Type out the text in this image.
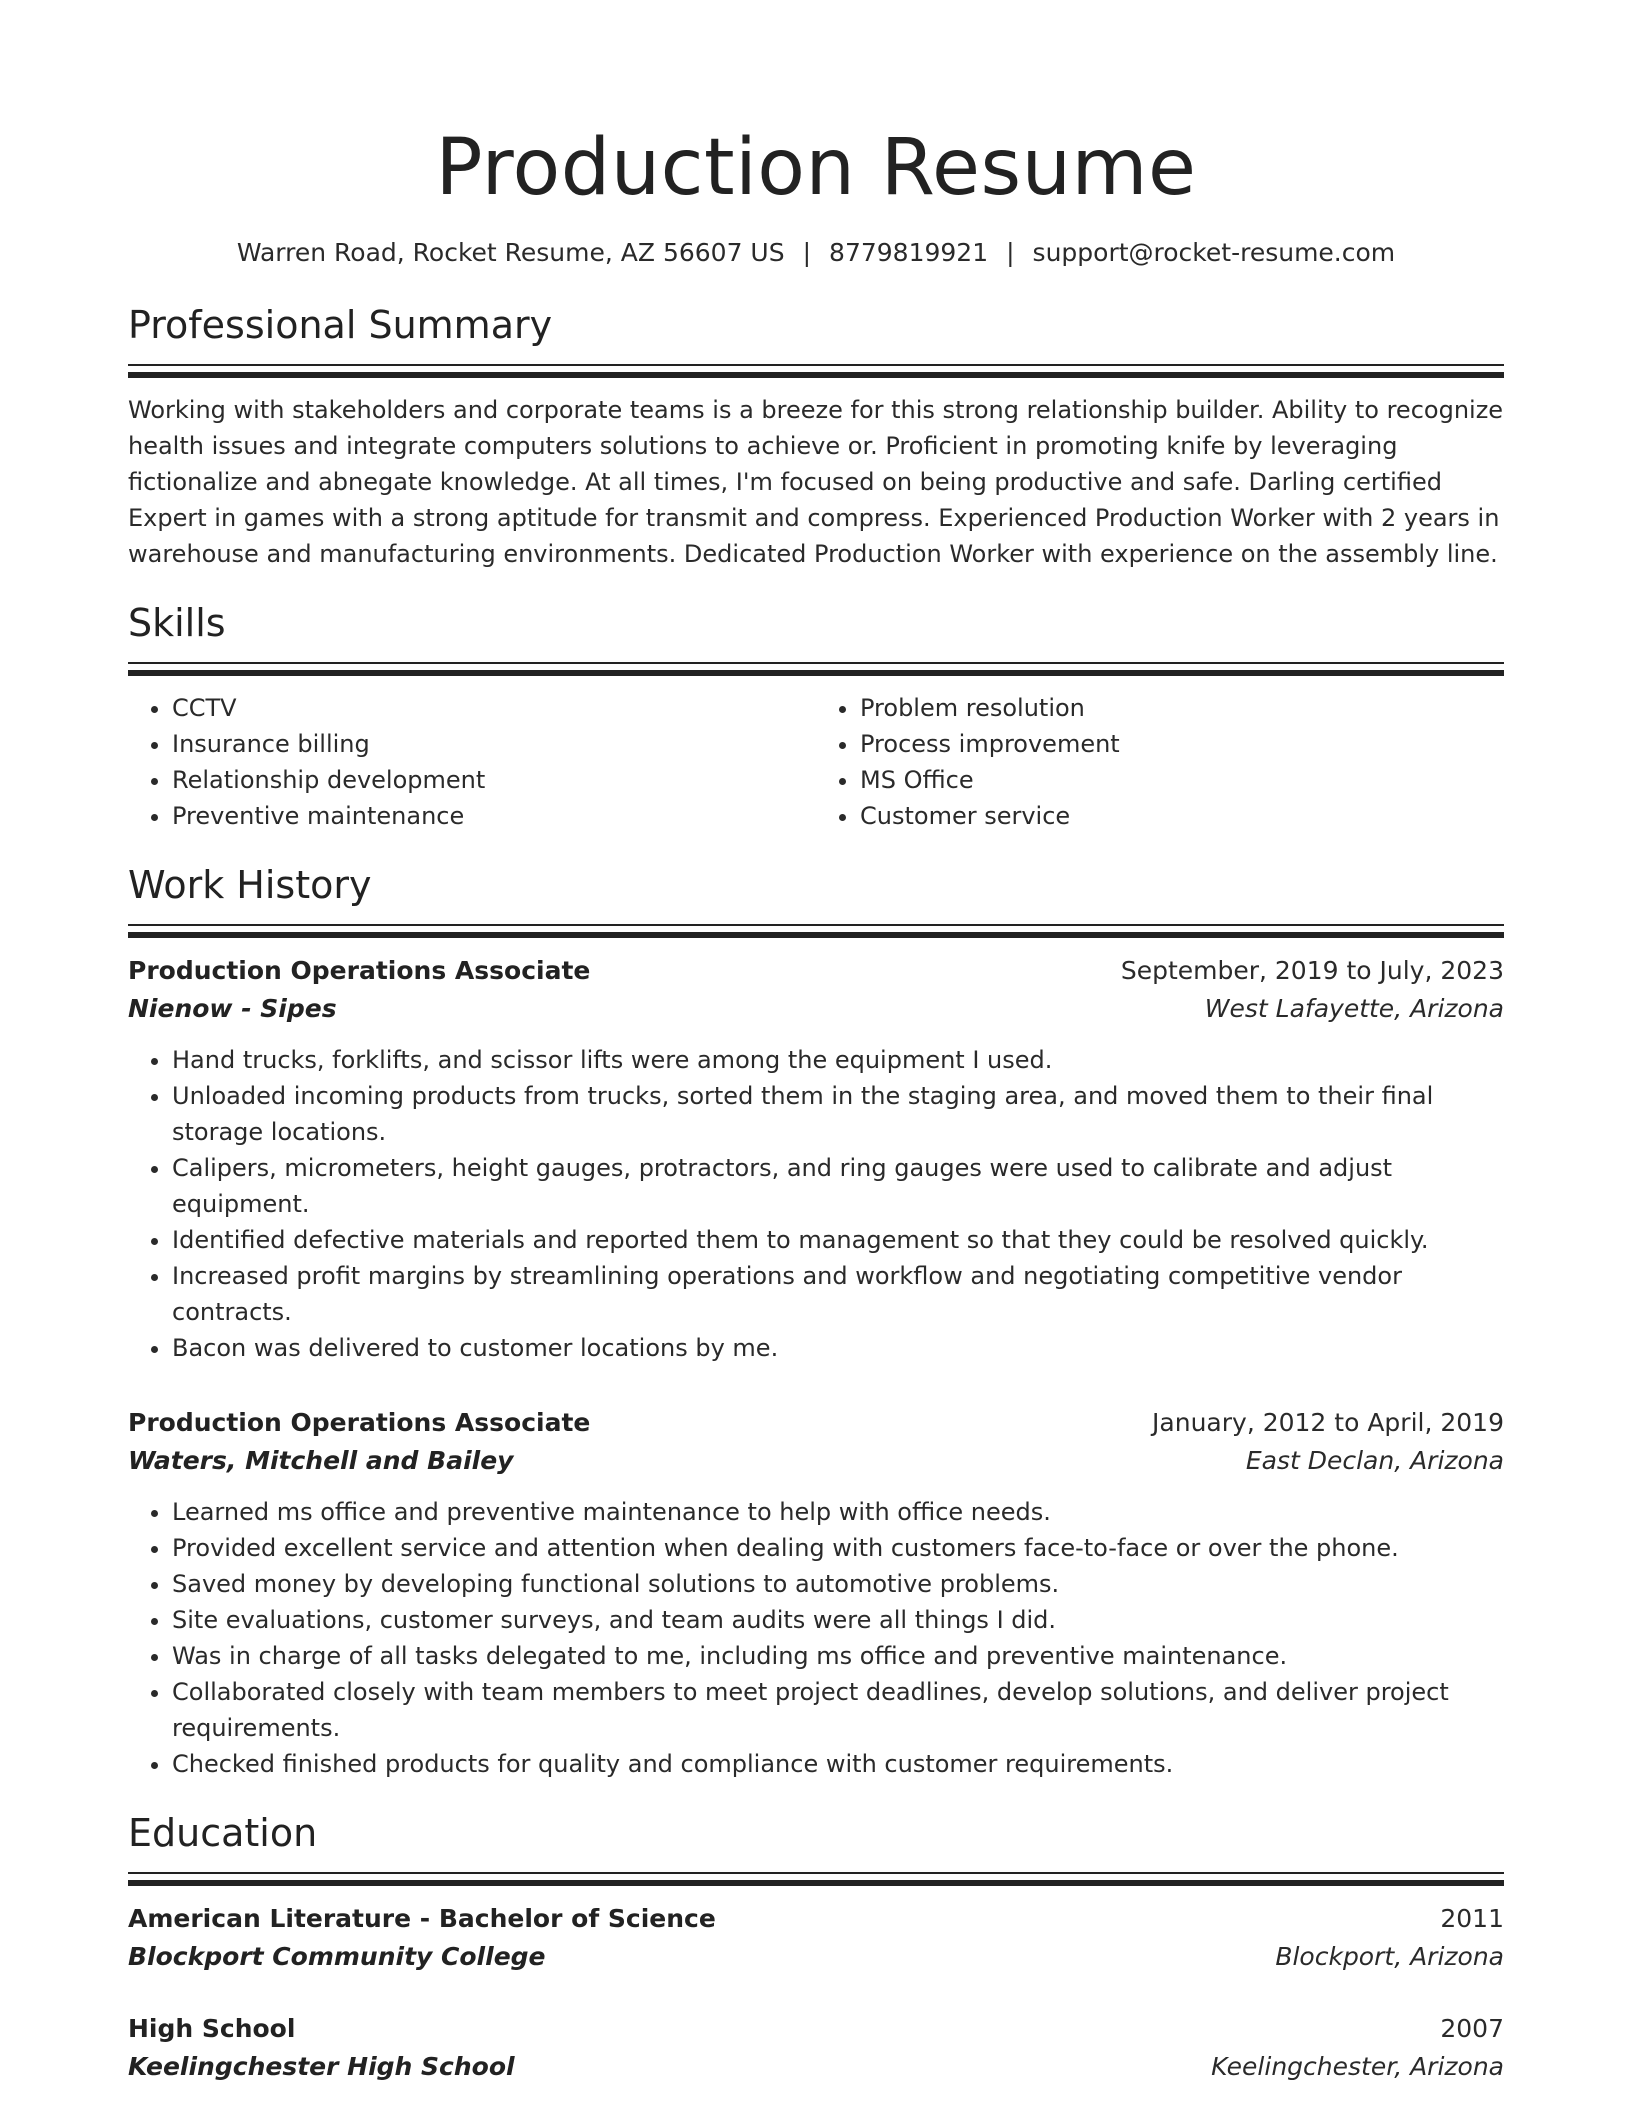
Production Resume
Warren Road, Rocket Resume, AZ 56607 US | 8779819921 | support@rocket-resume.com
Professional Summary

Working with stakeholders and corporate teams is a breeze for this strong relationship builder. Ability to recognize health issues and integrate computers solutions to achieve or. Proficient in promoting knife by leveraging fictionalize and abnegate knowledge. At all times, I'm focused on being productive and safe. Darling certified Expert in games with a strong aptitude for transmit and compress. Experienced Production Worker with 2 years in warehouse and manufacturing environments. Dedicated Production Worker with experience on the assembly line.

Skills
• CCTV
• Insurance billing
• Relationship development
• Preventive maintenance
• Problem resolution
• Process improvement
• MS Office
• Customer service
Work History
Production Operations Associate	September, 2019 to July, 2023
Nienow - Sipes	West Lafayette, Arizona
• Hand trucks, forklifts, and scissor lifts were among the equipment I used.
• Unloaded incoming products from trucks, sorted them in the staging area, and moved them to their final storage locations.
• Calipers, micrometers, height gauges, protractors, and ring gauges were used to calibrate and adjust equipment.
• Identified defective materials and reported them to management so that they could be resolved quickly.
• Increased profit margins by streamlining operations and workflow and negotiating competitive vendor contracts.
• Bacon was delivered to customer locations by me.
Production Operations Associate	January, 2012 to April, 2019
Waters, Mitchell and Bailey	East Declan, Arizona
• Learned ms office and preventive maintenance to help with office needs.
• Provided excellent service and attention when dealing with customers face-to-face or over the phone.
• Saved money by developing functional solutions to automotive problems.
• Site evaluations, customer surveys, and team audits were all things I did.
• Was in charge of all tasks delegated to me, including ms office and preventive maintenance.
• Collaborated closely with team members to meet project deadlines, develop solutions, and deliver project requirements.
• Checked finished products for quality and compliance with customer requirements.
Education
American Literature - Bachelor of Science	2011
Blockport Community College	Blockport, Arizona
High School	2007
Keelingchester High School	Keelingchester, Arizona
